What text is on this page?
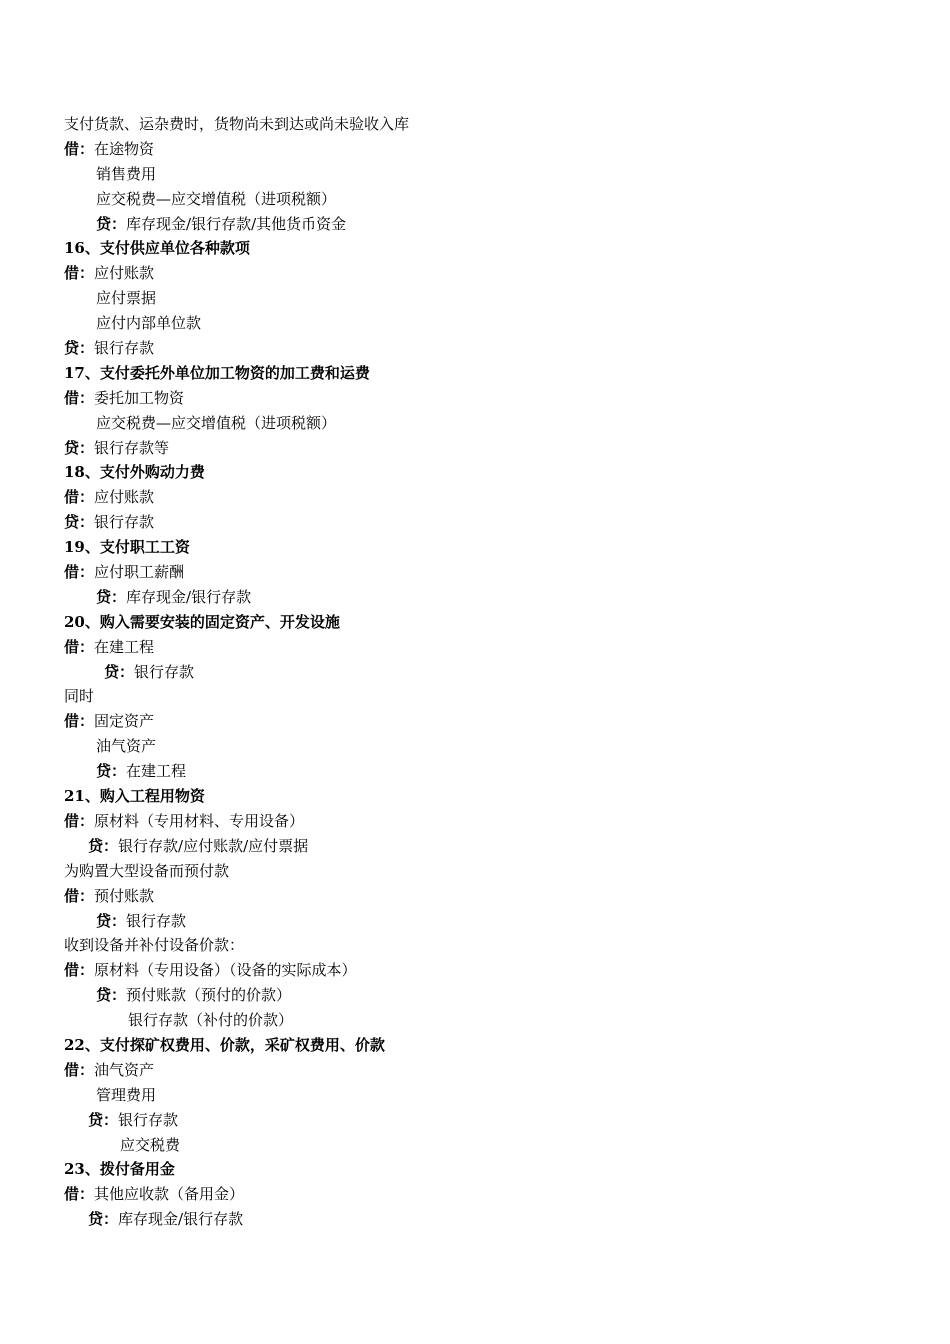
支付货款、运杂费时，货物尚未到达或尚未验收入库
借：在途物资
销售费用
应交税费—应交增值税（进项税额）
贷：库存现金/银行存款/其他货币资金
16、支付供应单位各种款项
借：应付账款
应付票据
应付内部单位款
贷：银行存款
17、支付委托外单位加工物资的加工费和运费
借：委托加工物资
应交税费—应交增值税（进项税额）
贷：银行存款等
18、支付外购动力费
借：应付账款
贷：银行存款
19、支付职工工资
借：应付职工薪酬
贷：库存现金/银行存款
20、购入需要安装的固定资产、开发设施
借：在建工程
贷：银行存款
同时
借：固定资产
油气资产
贷：在建工程
21、购入工程用物资
借：原材料（专用材料、专用设备）
贷：银行存款/应付账款/应付票据
为购置大型设备而预付款
借：预付账款
贷：银行存款
收到设备并补付设备价款：
借：原材料（专用设备）（设备的实际成本）
贷：预付账款（预付的价款）
银行存款（补付的价款）
22、支付探矿权费用、价款，采矿权费用、价款
借：油气资产
管理费用
贷：银行存款
应交税费
23、拨付备用金
借：其他应收款（备用金）
贷：库存现金/银行存款
